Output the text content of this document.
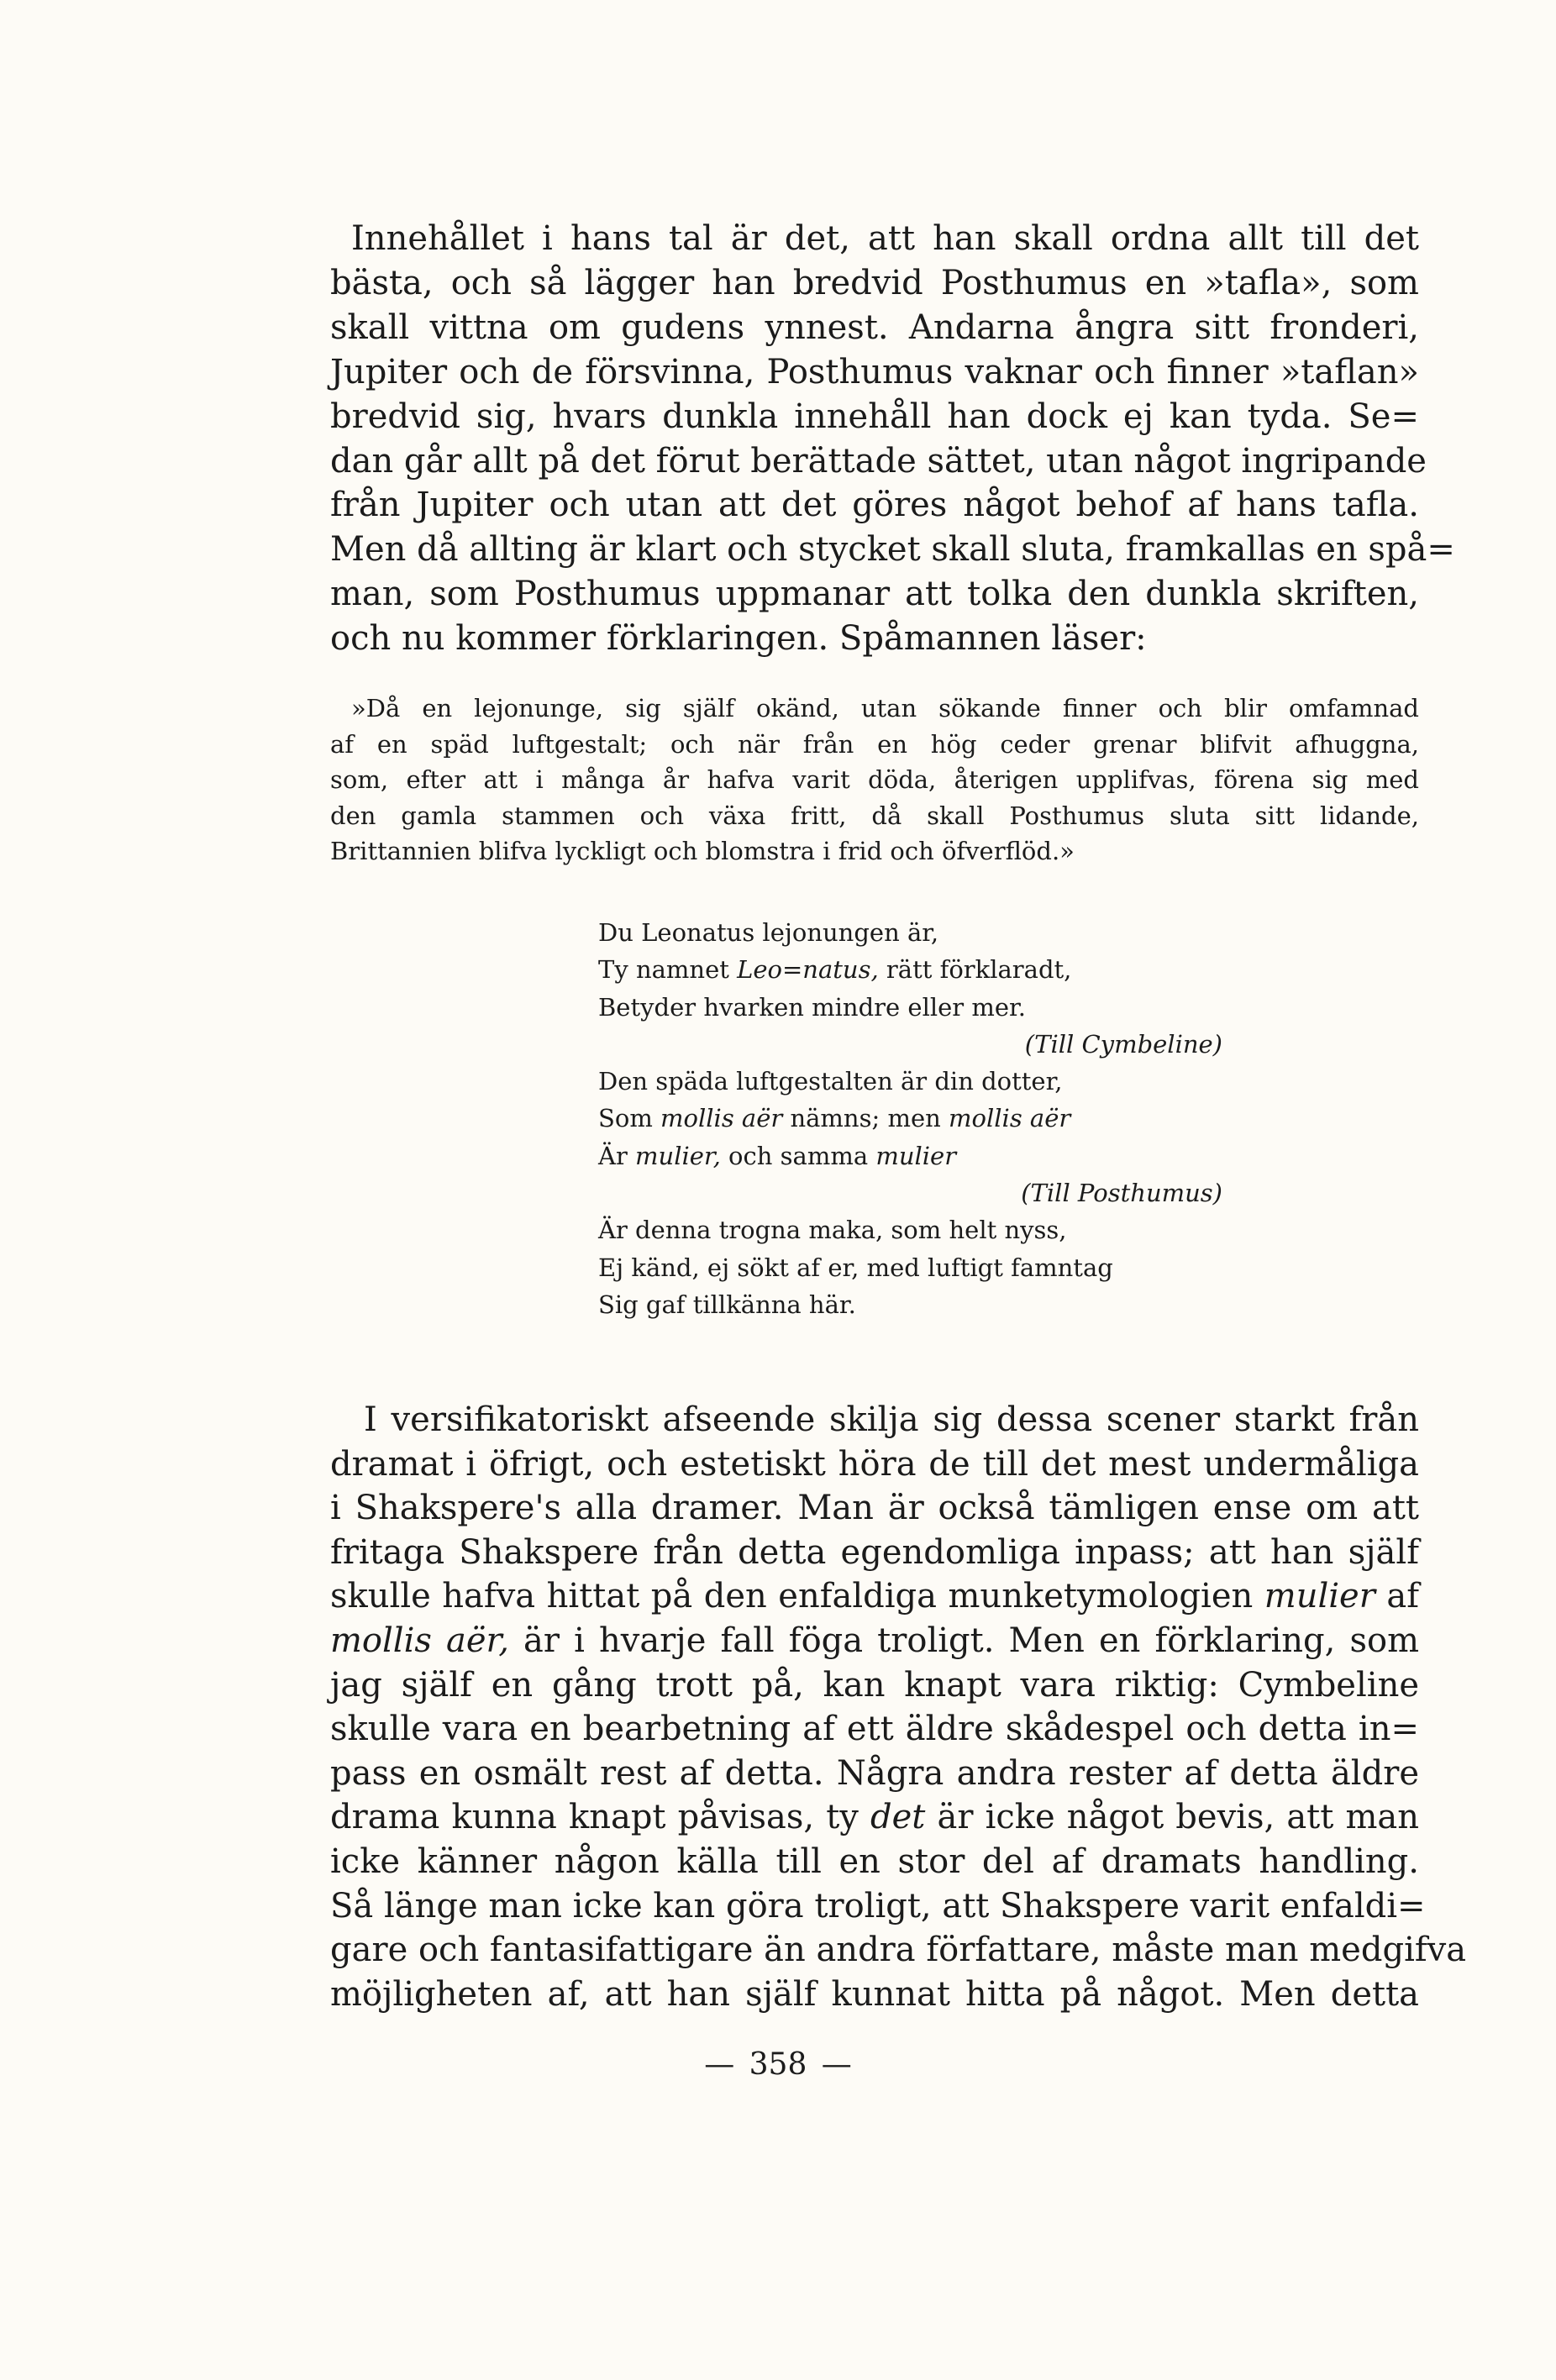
Innehållet i hans tal är det, att han skall ordna allt till det
bästa, och så lägger han bredvid Posthumus en »tafla», som
skall vittna om gudens ynnest. Andarna ångra sitt fronderi,
Jupiter och de försvinna, Posthumus vaknar och finner »taflan»
bredvid sig, hvars dunkla innehåll han dock ej kan tyda. Se=
dan går allt på det förut berättade sättet, utan något ingripande
från Jupiter och utan att det göres något behof af hans tafla.
Men då allting är klart och stycket skall sluta, framkallas en spå=
man, som Posthumus uppmanar att tolka den dunkla skriften,
och nu kommer förklaringen. Spåmannen läser:

»Då en lejonunge, sig själf okänd, utan sökande finner och blir omfamnad
af en späd luftgestalt; och när från en hög ceder grenar blifvit afhuggna,
som, efter att i många år hafva varit döda, återigen upplifvas, förena sig med
den gamla stammen och växa fritt, då skall Posthumus sluta sitt lidande,
Brittannien blifva lyckligt och blomstra i frid och öfverflöd.»

Du Leonatus lejonungen är,
Ty namnet Leo=natus, rätt förklaradt,
Betyder hvarken mindre eller mer.
(Till Cymbeline)
Den späda luftgestalten är din dotter,
Som mollis aër nämns; men mollis aër
Är mulier, och samma mulier
(Till Posthumus)
Är denna trogna maka, som helt nyss,
Ej känd, ej sökt af er, med luftigt famntag
Sig gaf tillkänna här.

I versifikatoriskt afseende skilja sig dessa scener starkt från
dramat i öfrigt, och estetiskt höra de till det mest undermåliga
i Shakspere's alla dramer. Man är också tämligen ense om att
fritaga Shakspere från detta egendomliga inpass; att han själf
skulle hafva hittat på den enfaldiga munketymologien mulier af
mollis aër, är i hvarje fall föga troligt. Men en förklaring, som
jag själf en gång trott på, kan knapt vara riktig: Cymbeline
skulle vara en bearbetning af ett äldre skådespel och detta in=
pass en osmält rest af detta. Några andra rester af detta äldre
drama kunna knapt påvisas, ty det är icke något bevis, att man
icke känner någon källa till en stor del af dramats handling.
Så länge man icke kan göra troligt, att Shakspere varit enfaldi=
gare och fantasifattigare än andra författare, måste man medgifva
möjligheten af, att han själf kunnat hitta på något. Men detta

— 358 —
